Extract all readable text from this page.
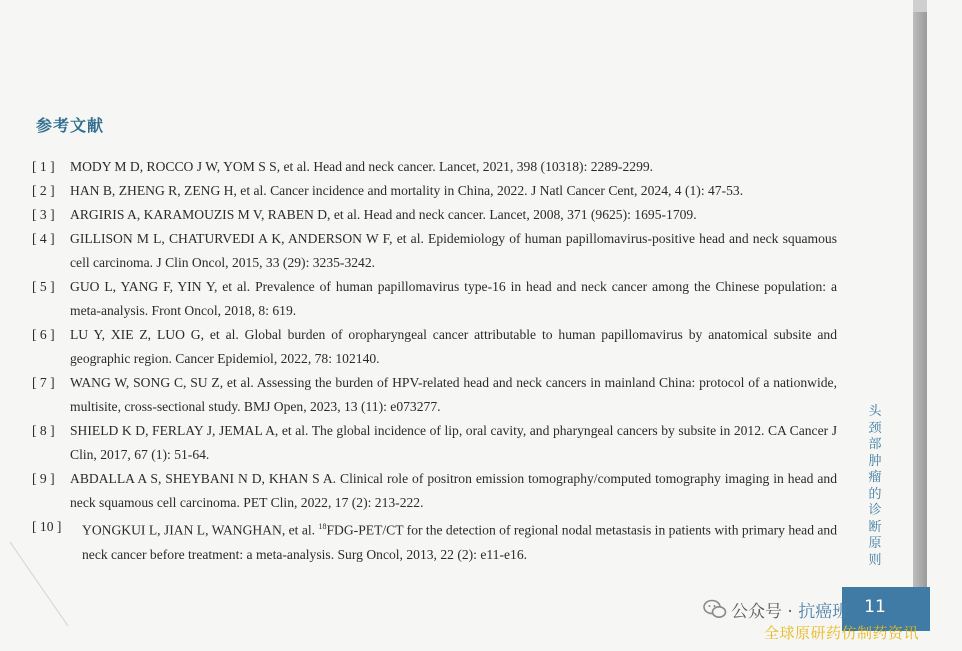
参考文献
[ 1 ] MODY M D, ROCCO J W, YOM S S, et al. Head and neck cancer. Lancet, 2021, 398 (10318): 2289-2299.
[ 2 ] HAN B, ZHENG R, ZENG H, et al. Cancer incidence and mortality in China, 2022. J Natl Cancer Cent, 2024, 4 (1): 47-53.
[ 3 ] ARGIRIS A, KARAMOUZIS M V, RABEN D, et al. Head and neck cancer. Lancet, 2008, 371 (9625): 1695-1709.
[ 4 ] GILLISON M L, CHATURVEDI A K, ANDERSON W F, et al. Epidemiology of human papillomavirus-positive head and neck squamous cell carcinoma. J Clin Oncol, 2015, 33 (29): 3235-3242.
[ 5 ] GUO L, YANG F, YIN Y, et al. Prevalence of human papillomavirus type-16 in head and neck cancer among the Chinese population: a meta-analysis. Front Oncol, 2018, 8: 619.
[ 6 ] LU Y, XIE Z, LUO G, et al. Global burden of oropharyngeal cancer attributable to human papillomavirus by anatomical subsite and geographic region. Cancer Epidemiol, 2022, 78: 102140.
[ 7 ] WANG W, SONG C, SU Z, et al. Assessing the burden of HPV-related head and neck cancers in mainland China: protocol of a nationwide, multisite, cross-sectional study. BMJ Open, 2023, 13 (11): e073277.
[ 8 ] SHIELD K D, FERLAY J, JEMAL A, et al. The global incidence of lip, oral cavity, and pharyngeal cancers by subsite in 2012. CA Cancer J Clin, 2017, 67 (1): 51-64.
[ 9 ] ABDALLA A S, SHEYBANI N D, KHAN S A. Clinical role of positron emission tomography/computed tomography imaging in head and neck squamous cell carcinoma. PET Clin, 2022, 17 (2): 213-222.
[ 10 ] YONGKUI L, JIAN L, WANGHAN, et al. $^{18}$FDG-PET/CT for the detection of regional nodal metastasis in patients with primary head and neck cancer before treatment: a meta-analysis. Surg Oncol, 2013, 22 (2): e11-e16.
头颈部肿瘤的诊断原则
11
公众号 · 抗癌班
全球原研药仿制药资讯
